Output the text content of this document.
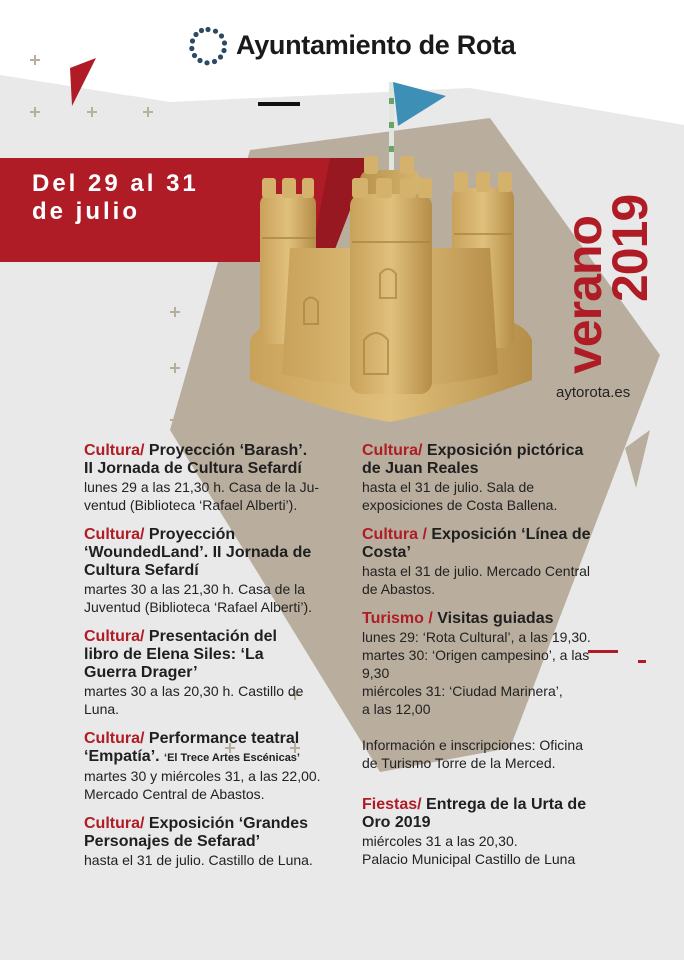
Ayuntamiento de Rota
Del 29 al 31
de julio
verano
2019
aytorota.es

Cultura/ Proyección ‘Barash’.
II Jornada de Cultura Sefardí

lunes 29 a las 21,30 h. Casa de la Ju-
ventud (Biblioteca ‘Rafael Alberti’).

Cultura/ Proyección
‘WoundedLand’. II Jornada de
Cultura Sefardí

martes 30 a las 21,30 h. Casa de la
Juventud (Biblioteca ‘Rafael Alberti’).

Cultura/ Presentación del
libro de Elena Siles: ‘La
Guerra Drager’

martes 30 a las 20,30 h. Castillo de
Luna.

Cultura/ Performance teatral
‘Empatía’. ‘El Trece Artes Escénicas’

martes 30 y miércoles 31, a las 22,00.
Mercado Central de Abastos.

Cultura/ Exposición ‘Grandes
Personajes de Sefarad’

hasta el 31 de julio. Castillo de Luna.

Cultura/ Exposición pictórica
de Juan Reales

hasta el 31 de julio. Sala de
exposiciones de Costa Ballena.

Cultura / Exposición ‘Línea de
Costa’

hasta el 31 de julio. Mercado Central
de Abastos.

Turismo / Visitas guiadas

lunes 29: ‘Rota Cultural’, a las 19,30.
martes 30: ‘Origen campesino’, a las
9,30
miércoles 31: ‘Ciudad Marinera’,
a las 12,00

Información e inscripciones: Oficina
de Turismo Torre de la Merced.

Fiestas/ Entrega de la Urta de
Oro 2019

miércoles 31 a las 20,30.
Palacio Municipal Castillo de Luna
